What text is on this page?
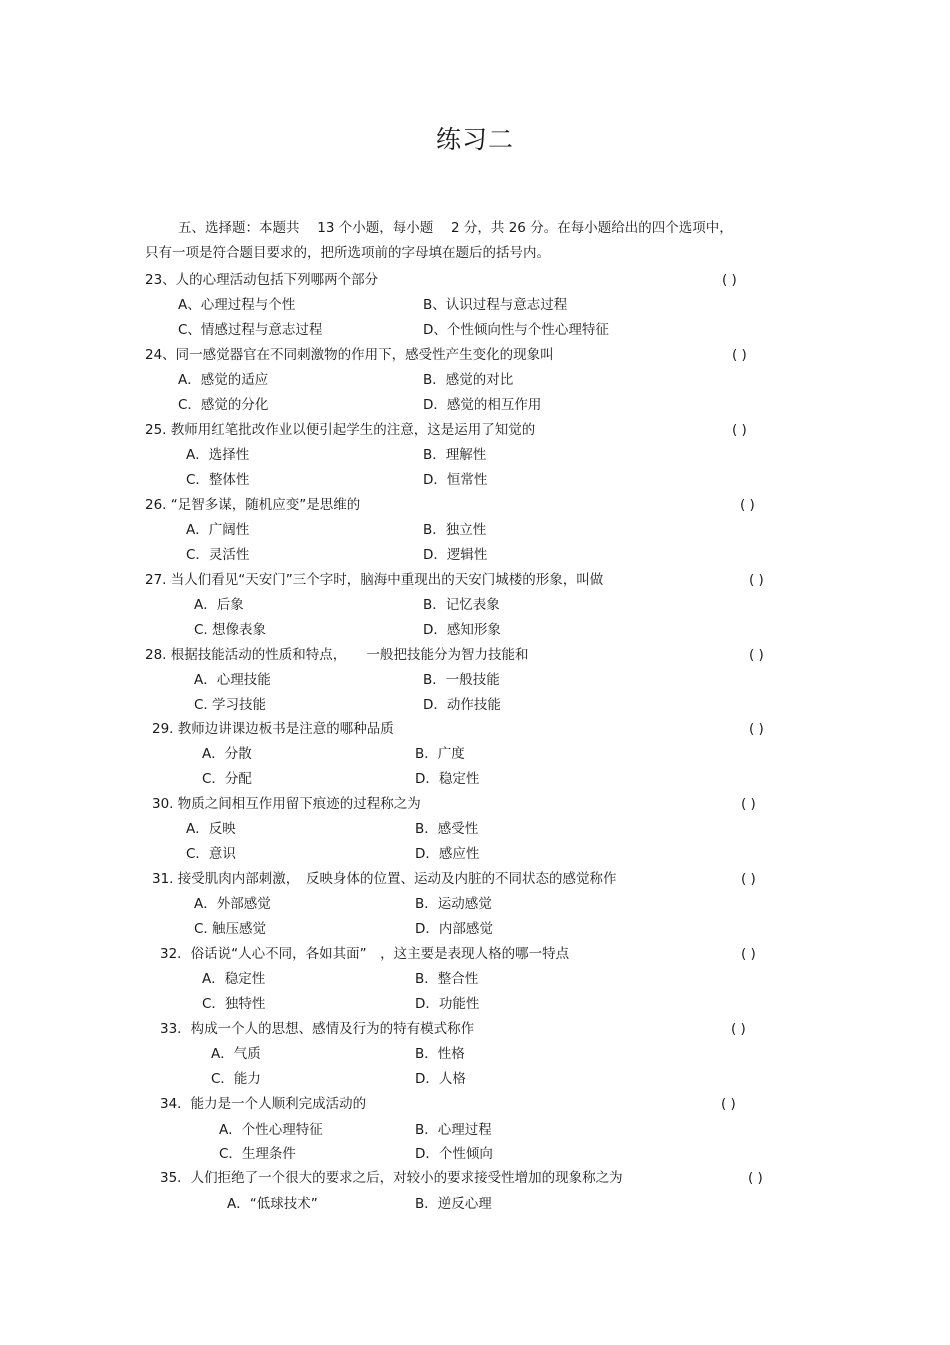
练习二
五、选择题：本题共　 13 个小题，每小题　 2 分，共 26 分。在每小题给出的四个选项中，
只有一项是符合题目要求的，把所选项前的字母填在题后的括号内。
23、人的心理活动包括下列哪两个部分	( )
A、心理过程与个性	B、认识过程与意志过程
C、情感过程与意志过程	D、个性倾向性与个性心理特征
24、同一感觉器官在不同刺激物的作用下，感受性产生变化的现象叫	( )
A．感觉的适应	B．感觉的对比
C．感觉的分化	D．感觉的相互作用
25. 教师用红笔批改作业以便引起学生的注意，这是运用了知觉的	( )
A．选择性	B．理解性
C．整体性	D．恒常性
26. “足智多谋，随机应变”是思维的	( )
A．广阔性	B．独立性
C．灵活性	D．逻辑性
27. 当人们看见“天安门”三个字时，脑海中重现出的天安门城楼的形象，叫做	( )
A．后象	B．记忆表象
C. 想像表象	D．感知形象
28. 根据技能活动的性质和特点，　　一般把技能分为智力技能和	( )
A．心理技能	B．一般技能
C. 学习技能	D．动作技能
29. 教师边讲课边板书是注意的哪种品质	( )
A．分散	B．广度
C．分配	D．稳定性
30. 物质之间相互作用留下痕迹的过程称之为	( )
A．反映	B．感受性
C．意识	D．感应性
31. 接受肌肉内部刺激，　反映身体的位置、运动及内脏的不同状态的感觉称作	( )
A．外部感觉	B．运动感觉
C. 触压感觉	D．内部感觉
32．俗话说“人心不同，各如其面”　，这主要是表现人格的哪一特点	( )
A．稳定性	B．整合性
C．独特性	D．功能性
33．构成一个人的思想、感情及行为的特有模式称作	( )
A．气质	B．性格
C．能力	D．人格
34．能力是一个人顺利完成活动的	( )
A．个性心理特征	B．心理过程
C．生理条件	D．个性倾向
35．人们拒绝了一个很大的要求之后，对较小的要求接受性增加的现象称之为	( )
A．“低球技术”	B．逆反心理
